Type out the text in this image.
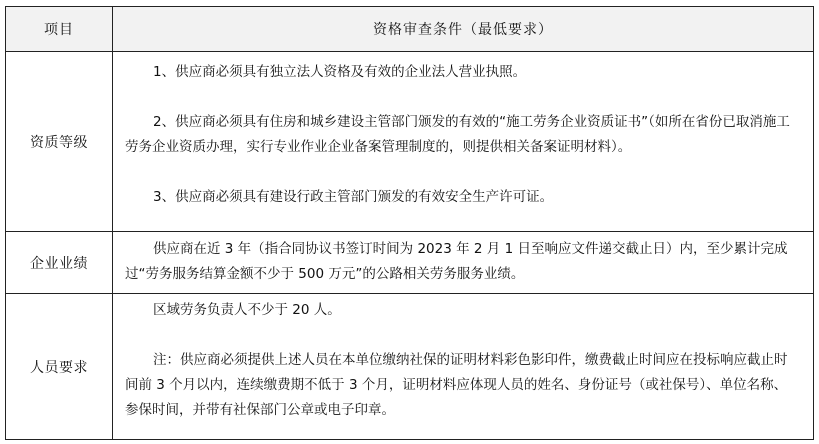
项目	资格审查条件（最低要求）
资质等级	1、供应商必须具有独立法人资格及有效的企业法人营业执照。

2、供应商必须具有住房和城乡建设主管部门颁发的有效的“施工劳务企业资质证书”（如所在省份已取消施工劳务企业资质办理，实行专业作业企业备案管理制度的，则提供相关备案证明材料）。

3、供应商必须具有建设行政主管部门颁发的有效安全生产许可证。

企业业绩	供应商在近 3 年（指合同协议书签订时间为 2023 年 2 月 1 日至响应文件递交截止日）内，至少累计完成过“劳务服务结算金额不少于 500 万元”的公路相关劳务服务业绩。

人员要求	区域劳务负责人不少于 20 人。

注：供应商必须提供上述人员在本单位缴纳社保的证明材料彩色影印件，缴费截止时间应在投标响应截止时间前 3 个月以内，连续缴费期不低于 3 个月，证明材料应体现人员的姓名、身份证号（或社保号）、单位名称、参保时间，并带有社保部门公章或电子印章。
